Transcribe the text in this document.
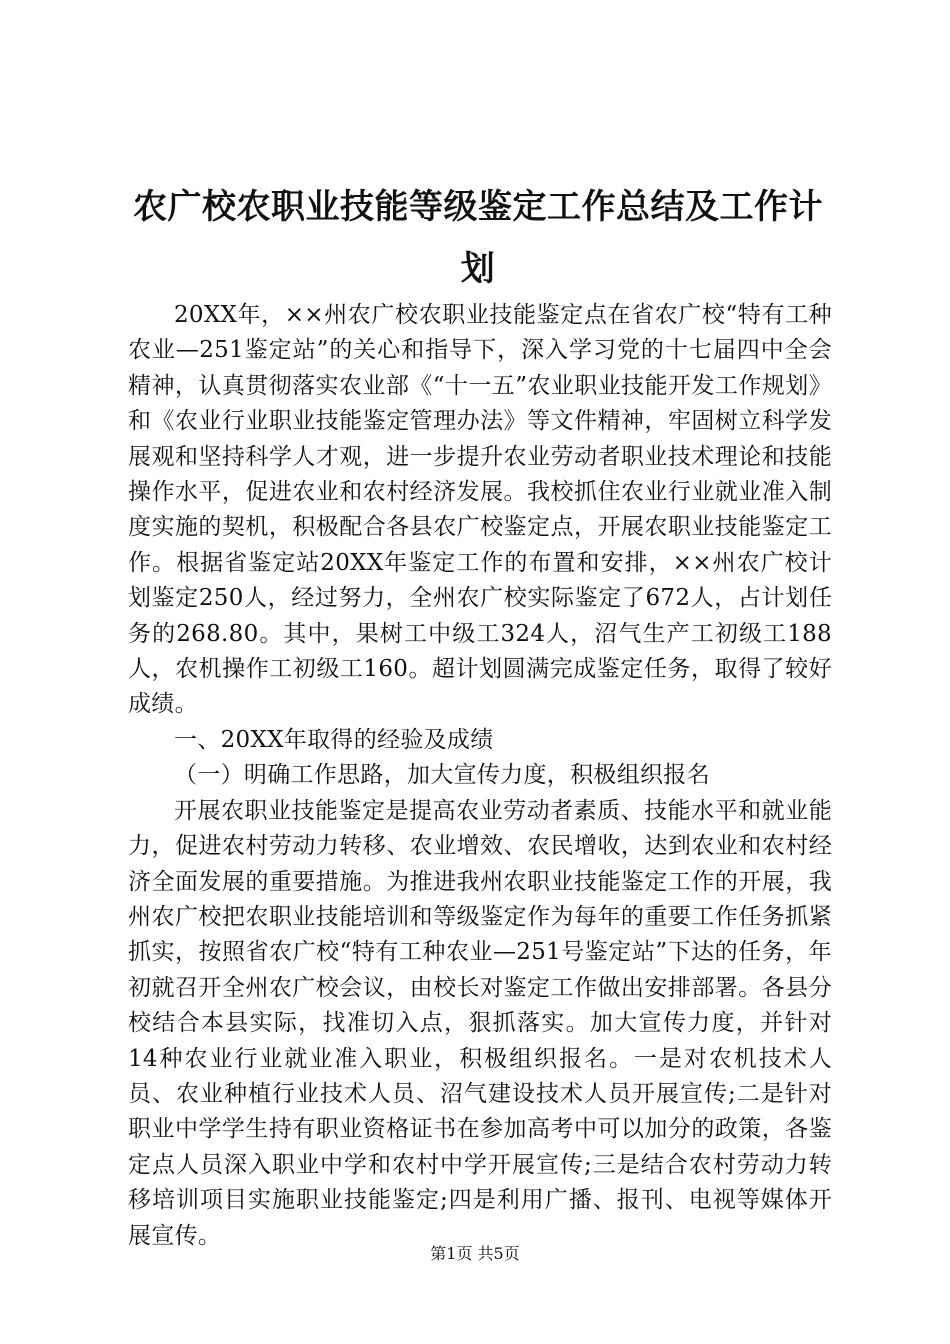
农广校农职业技能等级鉴定工作总结及工作计划

20XX年，××州农广校农职业技能鉴定点在省农广校“特有工种农业—251鉴定站”的关心和指导下，深入学习党的十七届四中全会精神，认真贯彻落实农业部《“十一五”农业职业技能开发工作规划》和《农业行业职业技能鉴定管理办法》等文件精神，牢固树立科学发展观和坚持科学人才观，进一步提升农业劳动者职业技术理论和技能操作水平，促进农业和农村经济发展。我校抓住农业行业就业准入制度实施的契机，积极配合各县农广校鉴定点，开展农职业技能鉴定工作。根据省鉴定站20XX年鉴定工作的布置和安排，××州农广校计划鉴定250人，经过努力，全州农广校实际鉴定了672人，占计划任务的268.80。其中，果树工中级工324人，沼气生产工初级工188人，农机操作工初级工160。超计划圆满完成鉴定任务，取得了较好成绩。

一、20XX年取得的经验及成绩

（一）明确工作思路，加大宣传力度，积极组织报名

开展农职业技能鉴定是提高农业劳动者素质、技能水平和就业能力，促进农村劳动力转移、农业增效、农民增收，达到农业和农村经济全面发展的重要措施。为推进我州农职业技能鉴定工作的开展，我州农广校把农职业技能培训和等级鉴定作为每年的重要工作任务抓紧抓实，按照省农广校“特有工种农业—251号鉴定站”下达的任务，年初就召开全州农广校会议，由校长对鉴定工作做出安排部署。各县分校结合本县实际，找准切入点，狠抓落实。加大宣传力度，并针对14种农业行业就业准入职业，积极组织报名。一是对农机技术人员、农业种植行业技术人员、沼气建设技术人员开展宣传;二是针对职业中学学生持有职业资格证书在参加高考中可以加分的政策，各鉴定点人员深入职业中学和农村中学开展宣传;三是结合农村劳动力转移培训项目实施职业技能鉴定;四是利用广播、报刊、电视等媒体开展宣传。

第1页 共5页
